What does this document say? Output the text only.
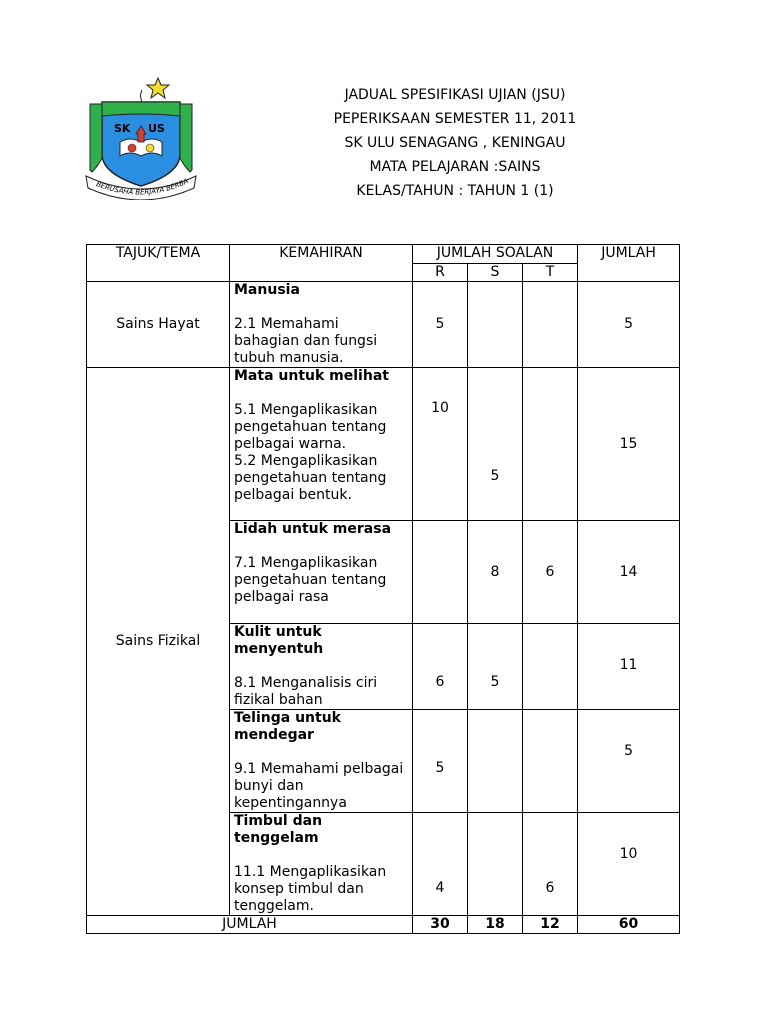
SK US
BERUSAHA BERJAYA BERBA
JADUAL SPESIFIKASI UJIAN (JSU)
PEPERIKSAAN SEMESTER 11, 2011
SK ULU SENAGANG , KENINGAU
MATA PELAJARAN :SAINS
KELAS/TAHUN : TAHUN 1 (1)
TAJUK/TEMA	KEMAHIRAN	JUMLAH SOALAN			JUMLAH
		R	S	T	
Sains Hayat	Manusia
2.1 Memahami bahagian dan fungsi tubuh manusia.	5			5
Sains Fizikal	Mata untuk melihat
5.1 Mengaplikasikan pengetahuan tentang pelbagai warna.
5.2 Mengaplikasikan pengetahuan tentang pelbagai bentuk.	10	5		15

	Lidah untuk merasa
7.1 Mengaplikasikan pengetahuan tentang pelbagai rasa		8	6	14

	Kulit untuk menyentuh
8.1 Menganalisis ciri fizikal bahan	6	5		11

	Telinga untuk mendegar
9.1 Memahami pelbagai bunyi dan kepentingannya	5			5

	Timbul dan tenggelam
11.1 Mengaplikasikan konsep timbul dan tenggelam.	4		6	10
JUMLAH		30	18	12	60
